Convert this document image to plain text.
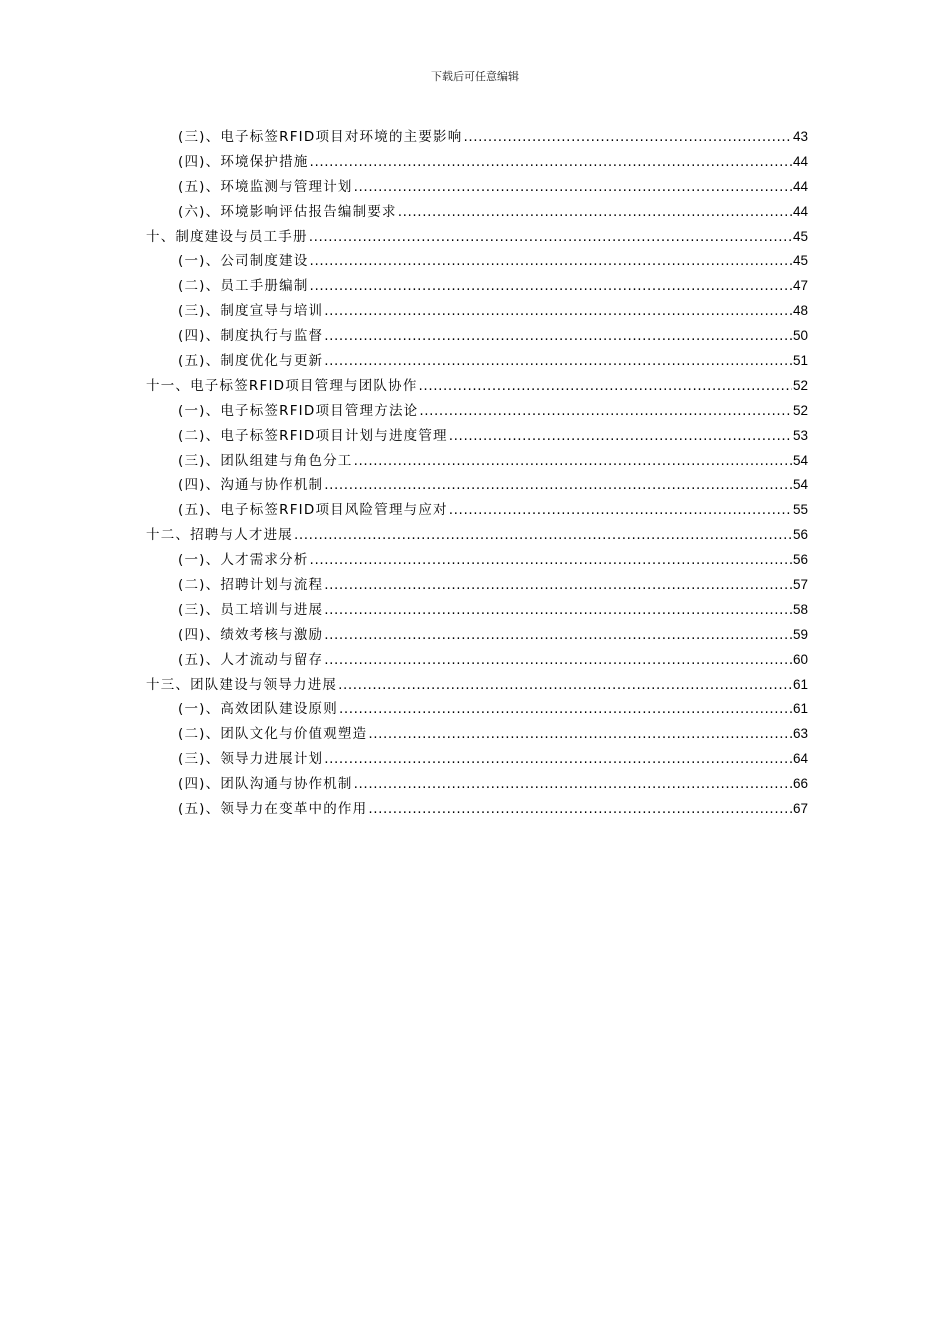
下载后可任意编辑
(三)、电子标签RFID项目对环境的主要影响 .....	43
(四)、环境保护措施 .....	44
(五)、环境监测与管理计划 .....	44
(六)、环境影响评估报告编制要求 .....	44
十、制度建设与员工手册 .....	45
(一)、公司制度建设 .....	45
(二)、员工手册编制 .....	47
(三)、制度宣导与培训 .....	48
(四)、制度执行与监督 .....	50
(五)、制度优化与更新 .....	51
十一、电子标签RFID项目管理与团队协作 .....	52
(一)、电子标签RFID项目管理方法论 .....	52
(二)、电子标签RFID项目计划与进度管理 .....	53
(三)、团队组建与角色分工 .....	54
(四)、沟通与协作机制 .....	54
(五)、电子标签RFID项目风险管理与应对 .....	55
十二、招聘与人才进展 .....	56
(一)、人才需求分析 .....	56
(二)、招聘计划与流程 .....	57
(三)、员工培训与进展 .....	58
(四)、绩效考核与激励 .....	59
(五)、人才流动与留存 .....	60
十三、团队建设与领导力进展 .....	61
(一)、高效团队建设原则 .....	61
(二)、团队文化与价值观塑造 .....	63
(三)、领导力进展计划 .....	64
(四)、团队沟通与协作机制 .....	66
(五)、领导力在变革中的作用 .....	67
